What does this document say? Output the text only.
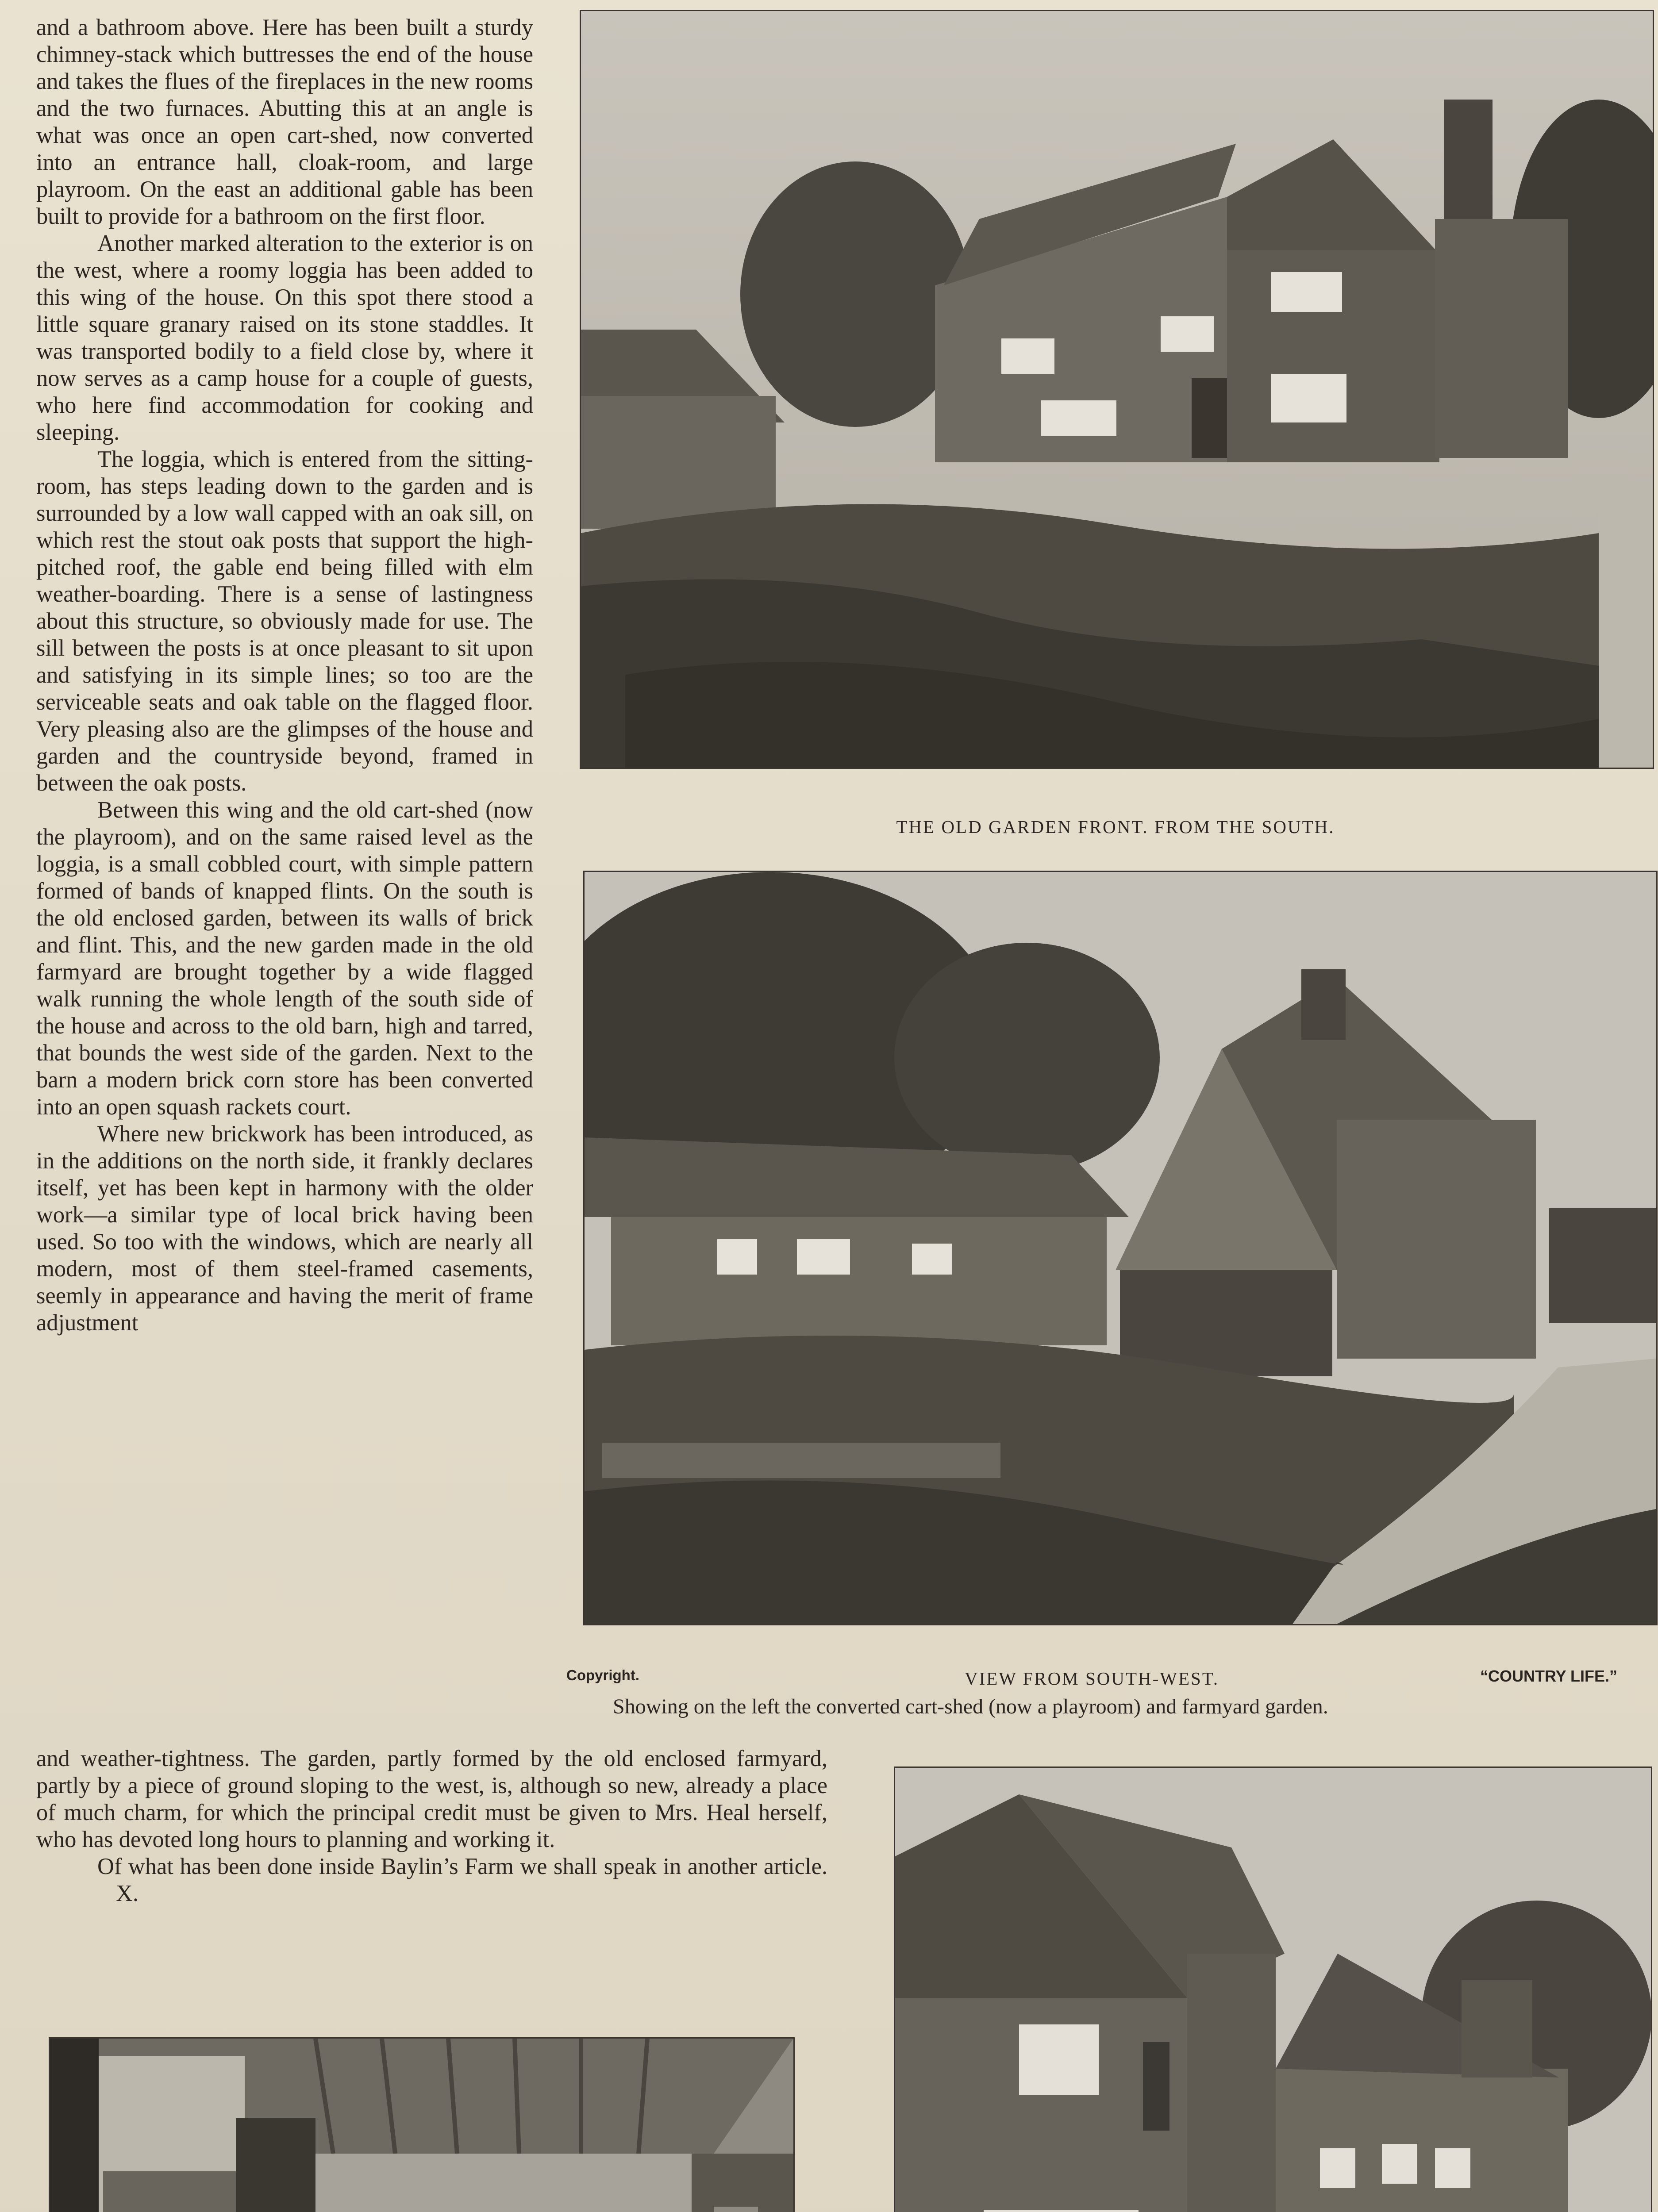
and a bathroom above. Here has been built a sturdy chimney-stack which buttresses the end of the house and takes the flues of the fireplaces in the new rooms and the two furnaces. Abutting this at an angle is what was once an open cart-shed, now converted into an entrance hall, cloak-room, and large playroom. On the east an additional gable has been built to provide for a bathroom on the first floor.

Another marked alteration to the exterior is on the west, where a roomy loggia has been added to this wing of the house. On this spot there stood a little square granary raised on its stone staddles. It was transported bodily to a field close by, where it now serves as a camp house for a couple of guests, who here find accommodation for cooking and sleeping.

The loggia, which is entered from the sitting-room, has steps leading down to the garden and is surrounded by a low wall capped with an oak sill, on which rest the stout oak posts that support the high-pitched roof, the gable end being filled with elm weather-boarding. There is a sense of lastingness about this structure, so obviously made for use. The sill between the posts is at once pleasant to sit upon and satisfying in its simple lines; so too are the serviceable seats and oak table on the flagged floor. Very pleasing also are the glimpses of the house and garden and the countryside beyond, framed in between the oak posts.

Between this wing and the old cart-shed (now the playroom), and on the same raised level as the loggia, is a small cobbled court, with simple pattern formed of bands of knapped flints. On the south is the old enclosed garden, between its walls of brick and flint. This, and the new garden made in the old farmyard are brought together by a wide flagged walk running the whole length of the south side of the house and across to the old barn, high and tarred, that bounds the west side of the garden. Next to the barn a modern brick corn store has been converted into an open squash rackets court.

Where new brickwork has been introduced, as in the additions on the north side, it frankly declares itself, yet has been kept in harmony with the older work—a similar type of local brick having been used. So too with the windows, which are nearly all modern, most of them steel-framed casements, seemly in appearance and having the merit of frame adjustment

and weather-tightness. The garden, partly formed by the old enclosed farmyard, partly by a piece of ground sloping to the west, is, although so new, already a place of much charm, for which the principal credit must be given to Mrs. Heal herself, who has devoted long hours to planning and working it.

Of what has been done inside Baylin’s Farm we shall speak in another article. X.

THE OLD GARDEN FRONT. FROM THE SOUTH.
Copyright.	VIEW FROM SOUTH-WEST.	“COUNTRY LIFE.”
Showing on the left the converted cart-shed (now a playroom) and farmyard garden.
